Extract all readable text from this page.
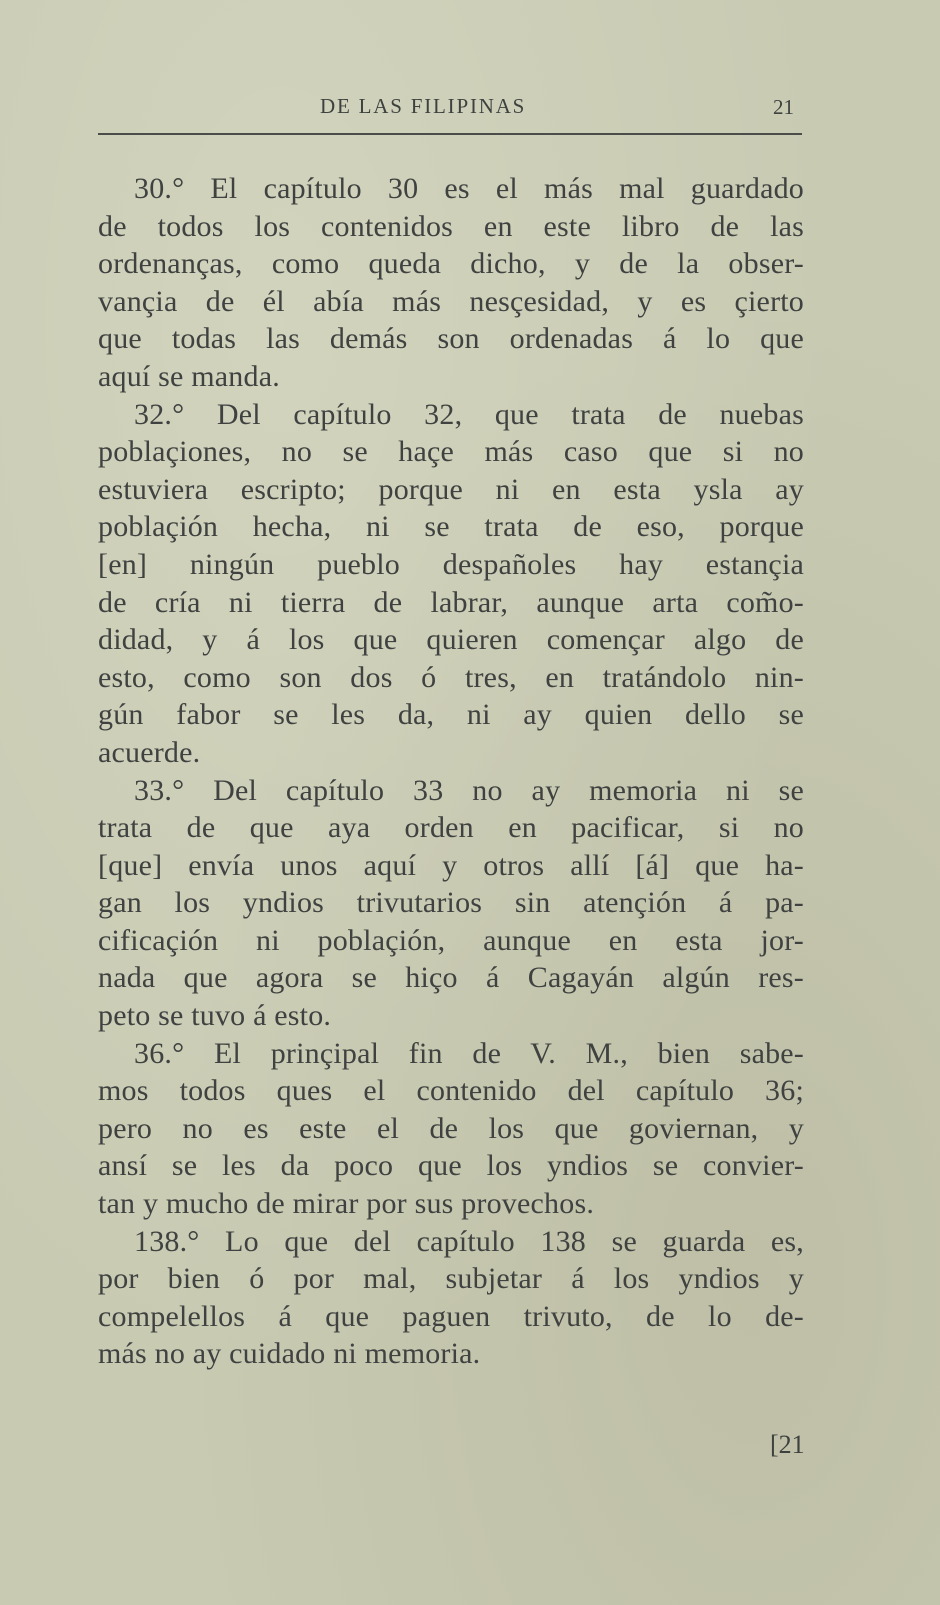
DE LAS FILIPINAS	21
30.° El capítulo 30 es el más mal guardado
de todos los contenidos en este libro de las
ordenanças, como queda dicho, y de la obser-
vançia de él abía más nesçesidad, y es çierto
que todas las demás son ordenadas á lo que
aquí se manda.
32.° Del capítulo 32, que trata de nuebas
poblaçiones, no se haçe más caso que si no
estuviera escripto; porque ni en esta ysla ay
poblaçión hecha, ni se trata de eso, porque
[en] ningún pueblo despañoles hay estançia
de cría ni tierra de labrar, aunque arta com̃o-
didad, y á los que quieren començar algo de
esto, como son dos ó tres, en tratándolo nin-
gún fabor se les da, ni ay quien dello se
acuerde.
33.° Del capítulo 33 no ay memoria ni se
trata de que aya orden en pacificar, si no
[que] envía unos aquí y otros allí [á] que ha-
gan los yndios trivutarios sin atençión á pa-
cificaçión ni poblaçión, aunque en esta jor-
nada que agora se hiço á Cagayán algún res-
peto se tuvo á esto.
36.° El prinçipal fin de V. M., bien sabe-
mos todos ques el contenido del capítulo 36;
pero no es este el de los que goviernan, y
ansí se les da poco que los yndios se convier-
tan y mucho de mirar por sus provechos.
138.° Lo que del capítulo 138 se guarda es,
por bien ó por mal, subjetar á los yndios y
compelellos á que paguen trivuto, de lo de-
más no ay cuidado ni memoria.
[21
